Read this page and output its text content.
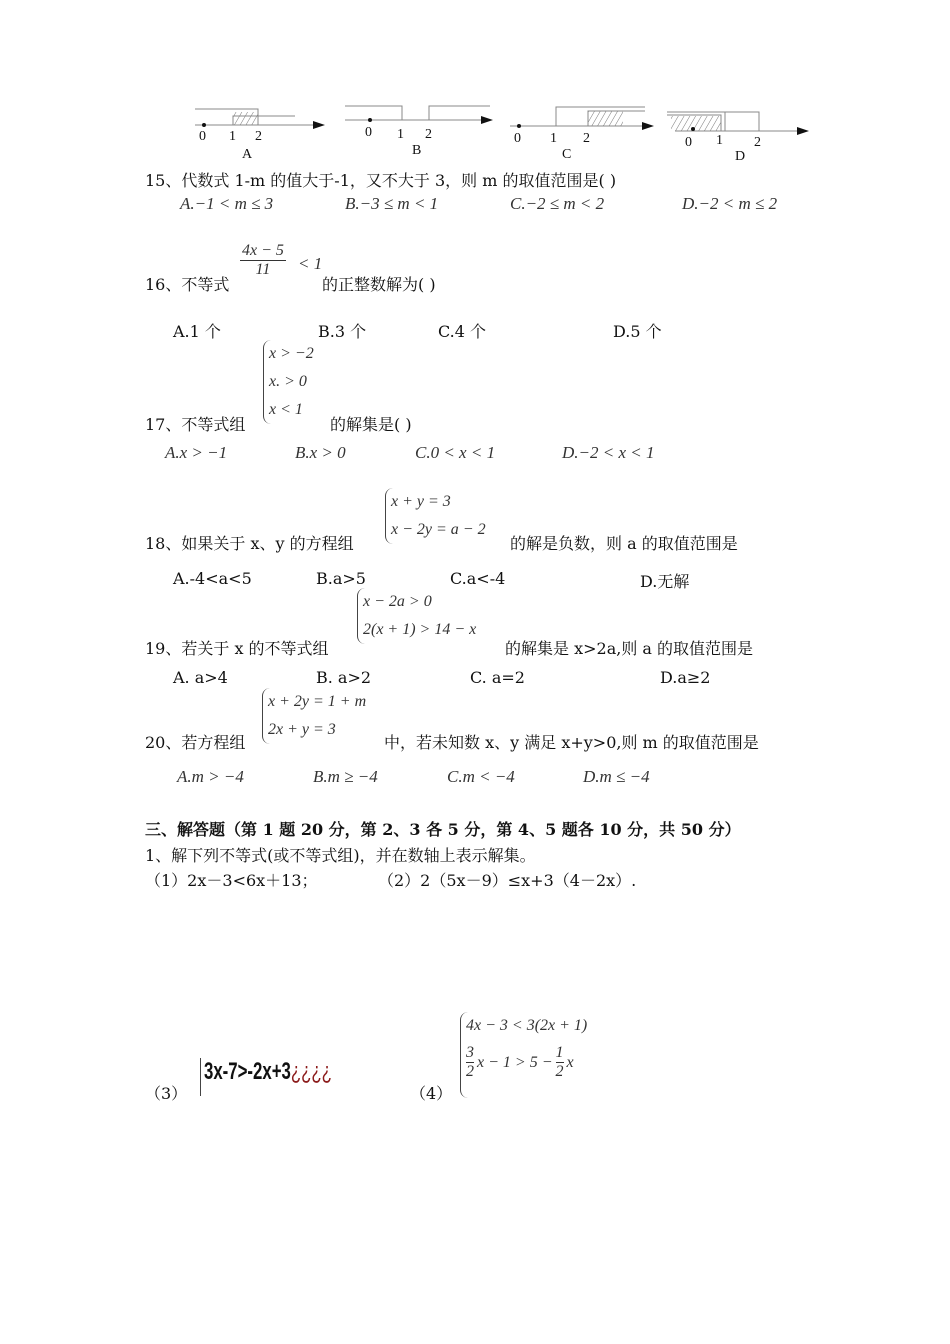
0 1 2
A
0 1 2
B
0 1 2
C
0 1 2
D
15、代数式 1-m 的值大于-1，又不大于 3，则 m 的取值范围是( )
A.−1 < m ≤ 3	B.−3 ≤ m < 1	C.−2 ≤ m < 2	D.−2 < m ≤ 2
16、不等式
$\frac{4x - 5}{11} < 1$
的正整数解为( )
A.1 个	B.3 个	C.4 个	D.5 个
17、不等式组
x > −2
x. > 0
x < 1
的解集是( )
A.x > −1	B.x > 0	C.0 < x < 1	D.−2 < x < 1
18、如果关于 x、y 的方程组
x + y = 3
x − 2y = a − 2
的解是负数，则 a 的取值范围是
A.-4<a<5	B.a>5	C.a<-4	D.无解
19、若关于 x 的不等式组
x − 2a > 0
2(x + 1) > 14 − x
的解集是 x>2a,则 a 的取值范围是
A. a>4	B. a>2	C. a=2	D.a≥2
20、若方程组
x + 2y = 1 + m
2x + y = 3
中，若未知数 x、y 满足 x+y>0,则 m 的取值范围是
A.m > −4	B.m ≥ −4	C.m < −4	D.m ≤ −4
三、解答题（第 1 题 20 分，第 2、3 各 5 分，第 4、5 题各 10 分，共 50 分）
1、解下列不等式(或不等式组)，并在数轴上表示解集。
（1）2x－3<6x＋13；	（2）2（5x－9）≤x+3（4－2x）.
（3）
3x-7>-2x+3¿¿¿¿
（4）
4x − 3 < 3(2x + 1)
3
2
$x - 1 > 5 - \frac{1}{2}$ x
